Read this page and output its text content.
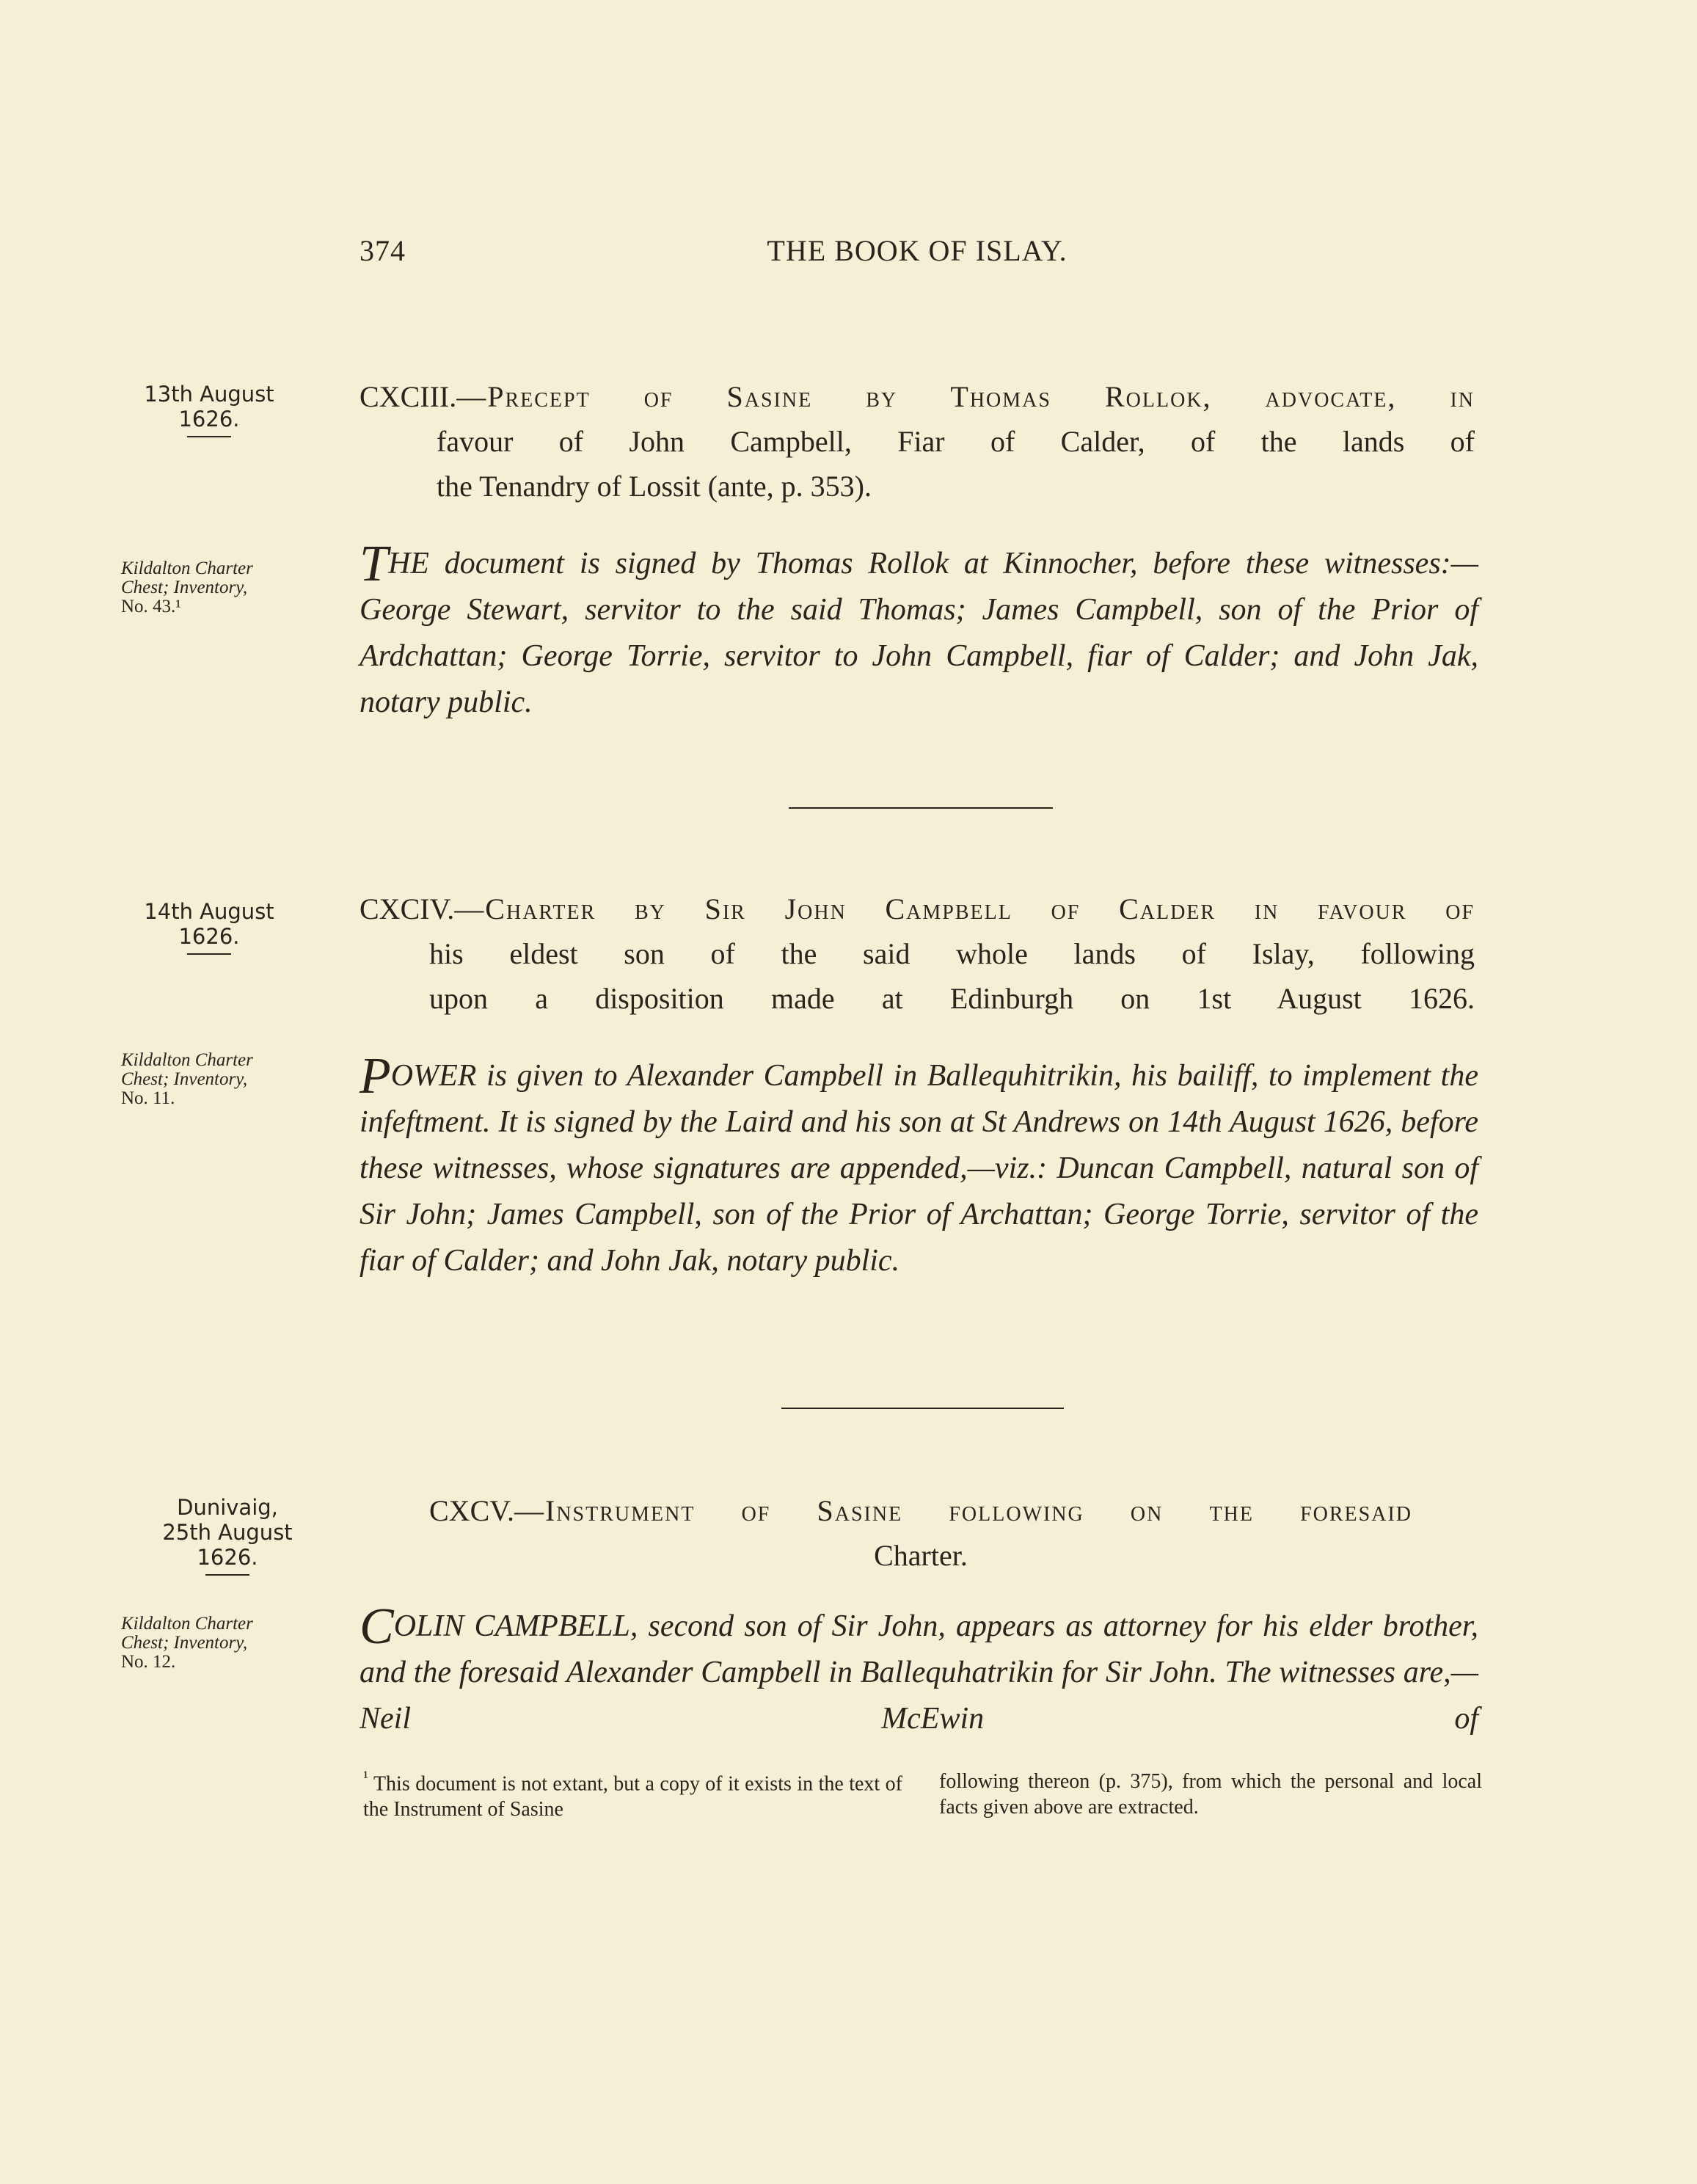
374	THE BOOK OF ISLAY.
13th August
1626.
Kildalton Charter
Chest; Inventory,
No. 43.¹
CXCIII.—Precept of Sasine by Thomas Rollok, advocate, in
favour of John Campbell, Fiar of Calder, of the lands of
the Tenandry of Lossit (ante, p. 353).
THE document is signed by Thomas Rollok at Kinnocher, before these witnesses:—George Stewart, servitor to the said Thomas; James Campbell, son of the Prior of Ardchattan; George Torrie, servitor to John Campbell, fiar of Calder; and John Jak, notary public.
14th August
1626.
Kildalton Charter
Chest; Inventory,
No. 11.
CXCIV.—Charter by Sir John Campbell of Calder in favour of
his eldest son of the said whole lands of Islay, following
upon a disposition made at Edinburgh on 1st August 1626.
POWER is given to Alexander Campbell in Ballequhitrikin, his bailiff, to implement the infeftment. It is signed by the Laird and his son at St Andrews on 14th August 1626, before these witnesses, whose signatures are appended,—viz.: Duncan Campbell, natural son of Sir John; James Campbell, son of the Prior of Archattan; George Torrie, servitor of the fiar of Calder; and John Jak, notary public.
Dunivaig,
25th August
1626.
Kildalton Charter
Chest; Inventory,
No. 12.
CXCV.—Instrument of Sasine following on the foresaid
Charter.
COLIN CAMPBELL, second son of Sir John, appears as attorney for his elder brother, and the foresaid Alexander Campbell in Ballequhatrikin for Sir John. The witnesses are,—Neil McEwin of
$^{^1}$ This document is not extant, but a copy of it exists in the text of the Instrument of Sasine
following thereon (p. 375), from which the personal and local facts given above are extracted.
